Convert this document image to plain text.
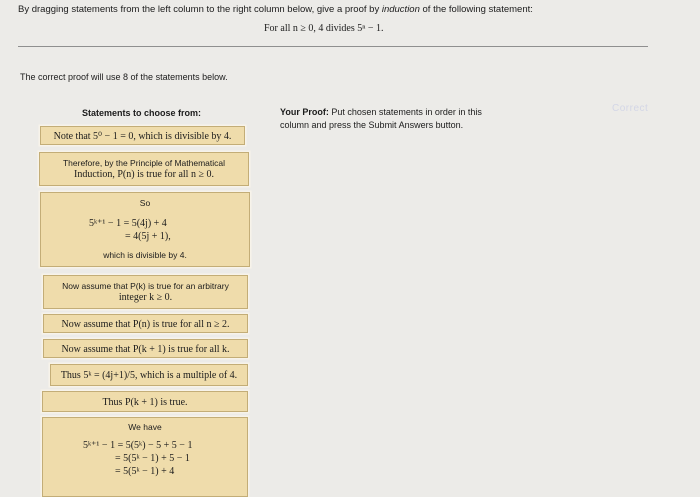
By dragging statements from the left column to the right column below, give a proof by induction of the following statement:
For all n ≥ 0, 4 divides 5ⁿ − 1.
The correct proof will use 8 of the statements below.
Statements to choose from:	Your Proof: Put chosen statements in order in this column and press the Submit Answers button.
Correct
Note that 5⁰ − 1 = 0, which is divisible by 4.
Therefore, by the Principle of Mathematical
Induction, P(n) is true for all n ≥ 0.
So
5ᵏ⁺¹ − 1 = 5(4j) + 4
= 4(5j + 1),
which is divisible by 4.
Now assume that P(k) is true for an arbitrary
integer k ≥ 0.
Now assume that P(n) is true for all n ≥ 2.
Now assume that P(k + 1) is true for all k.
Thus 5ᵏ = (4j+1)/5, which is a multiple of 4.
Thus P(k + 1) is true.
We have
5ᵏ⁺¹ − 1 = 5(5ᵏ) − 5 + 5 − 1
= 5(5ᵏ − 1) + 5 − 1
= 5(5ᵏ − 1) + 4
